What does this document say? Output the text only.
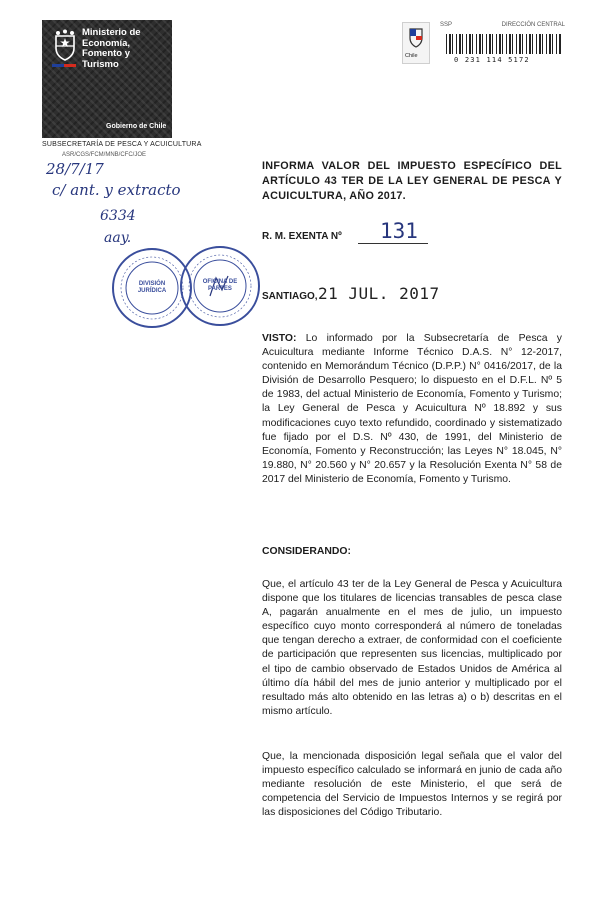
Ministerio de
Economía,
Fomento y
Turismo
Gobierno de Chile
SUBSECRETARÍA DE PESCA Y ACUICULTURA
ASR/CGS/FCM/MNB/CFC/JOE
Chile
SSP	DIRECCIÓN CENTRAL
0 231 114 5172
28/7/17
c/ ant. y extracto
6334
aay.
DIVISIÓN JURÍDICA
OFICINA DE PARTES
INFORMA VALOR DEL IMPUESTO ESPECÍFICO DEL ARTÍCULO 43 TER DE LA LEY GENERAL DE PESCA Y ACUICULTURA, AÑO 2017.
R. M. EXENTA Nº 131
SANTIAGO, 21 JUL. 2017
VISTO: Lo informado por la Subsecretaría de Pesca y Acuicultura mediante Informe Técnico D.A.S. N° 12-2017, contenido en Memorándum Técnico (D.P.P.) N° 0416/2017, de la División de Desarrollo Pesquero; lo dispuesto en el D.F.L. Nº 5 de 1983, del actual Ministerio de Economía, Fomento y Turismo; la Ley General de Pesca y Acuicultura Nº 18.892 y sus modificaciones cuyo texto refundido, coordinado y sistematizado fue fijado por el D.S. Nº 430, de 1991, del Ministerio de Economía, Fomento y Reconstrucción; las Leyes N° 18.045, N° 19.880, N° 20.560 y N° 20.657 y la Resolución Exenta N° 58 de 2017 del Ministerio de Economía, Fomento y Turismo.
CONSIDERANDO:
Que, el artículo 43 ter de la Ley General de Pesca y Acuicultura dispone que los titulares de licencias transables de pesca clase A, pagarán anualmente en el mes de julio, un impuesto específico cuyo monto corresponderá al número de toneladas que tengan derecho a extraer, de conformidad con el coeficiente de participación que representen sus licencias, multiplicado por el tipo de cambio observado de Estados Unidos de América al último día hábil del mes de junio anterior y multiplicado por el resultado más alto obtenido en las letras a) o b) descritas en el mismo artículo.
Que, la mencionada disposición legal señala que el valor del impuesto específico calculado se informará en junio de cada año mediante resolución de este Ministerio, el que será de competencia del Servicio de Impuestos Internos y se regirá por las disposiciones del Código Tributario.
